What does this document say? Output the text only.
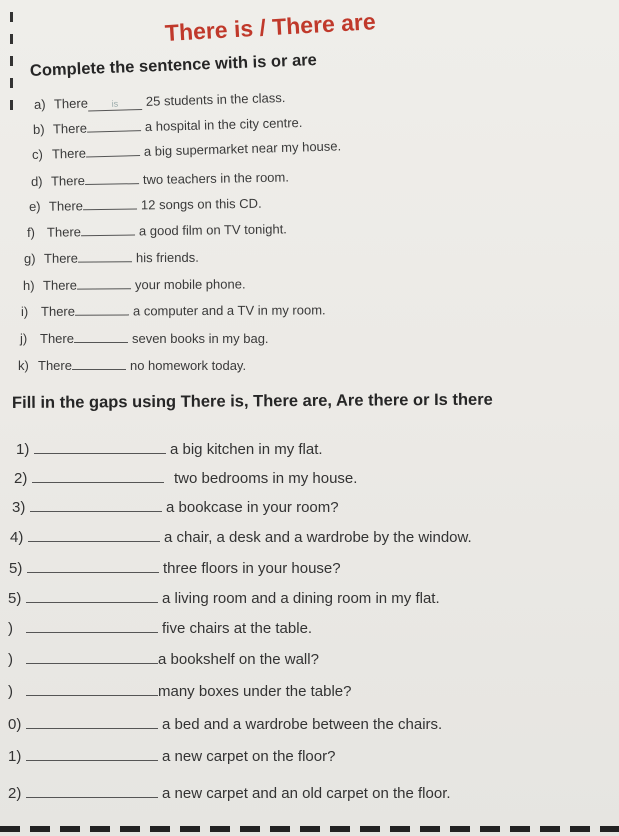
There is / There are
Complete the sentence with is or are
a) There	is 25 students in the class.
b) There	a hospital in the city centre.
c) There	a big supermarket near my house.
d) There	two teachers in the room.
e) There	12 songs on this CD.
f) There	a good film on TV tonight.
g) There	his friends.
h) There	your mobile phone.
i) There	a computer and a TV in my room.
j) There	seven books in my bag.
k) There	no homework today.
Fill in the gaps using There is, There are, Are there or Is there
1)	a big kitchen in my flat.
2)	two bedrooms in my house.
3)	a bookcase in your room?
4)	a chair, a desk and a wardrobe by the window.
5)	three floors in your house?
5)	a living room and a dining room in my flat.
)	five chairs at the table.
)	a bookshelf on the wall?
)	many boxes under the table?
0)	a bed and a wardrobe between the chairs.
1)	a new carpet on the floor?
2)	a new carpet and an old carpet on the floor.
